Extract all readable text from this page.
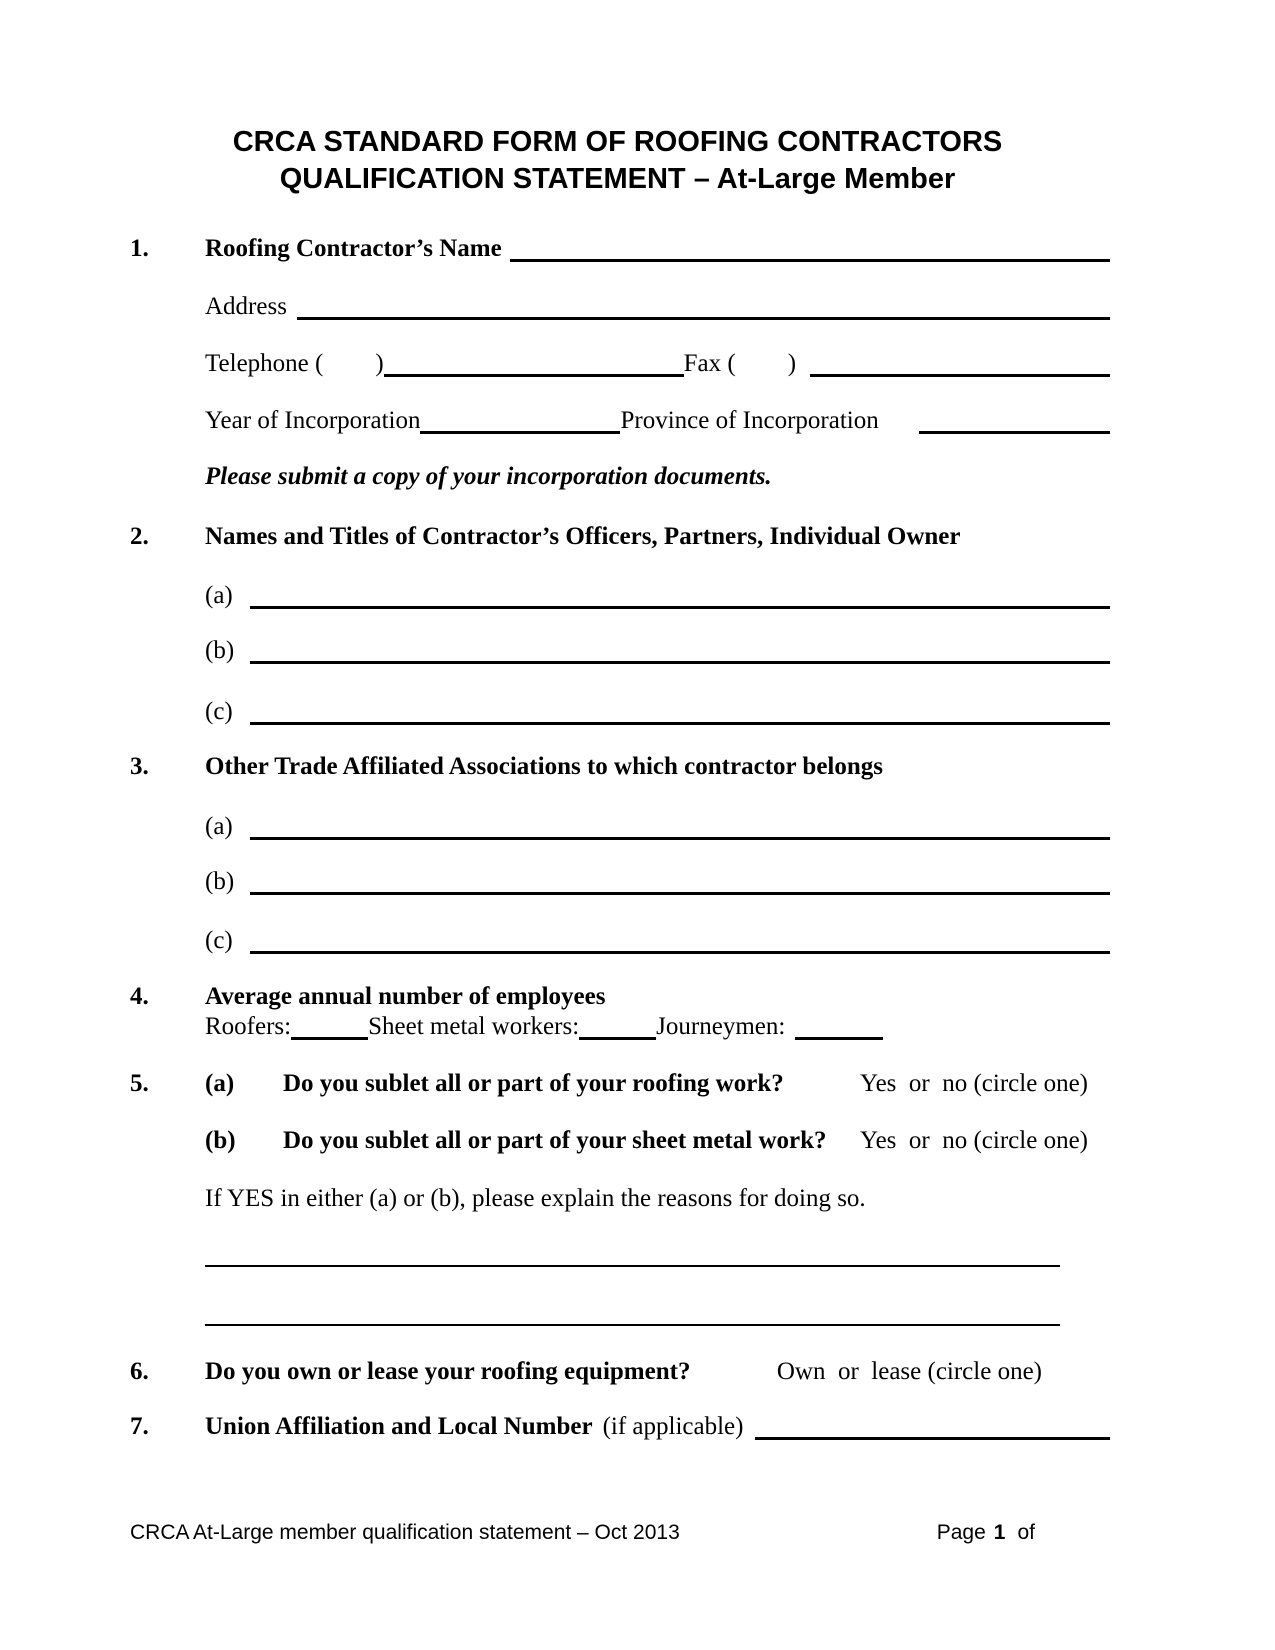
CRCA STANDARD FORM OF ROOFING CONTRACTORS
QUALIFICATION STATEMENT – At-Large Member
1. Roofing Contractor’s Name
Address
Telephone ( )	Fax ( )
Year of Incorporation	Province of Incorporation
Please submit a copy of your incorporation documents.
2. Names and Titles of Contractor’s Officers, Partners, Individual Owner
(a)
(b)
(c)
3. Other Trade Affiliated Associations to which contractor belongs
(a)
(b)
(c)
4. Average annual number of employees
Roofers:	Sheet metal workers:	Journeymen:
5. (a)	Do you sublet all or part of your roofing work?	Yes  or  no (circle one)
(b)	Do you sublet all or part of your sheet metal work? Yes  or  no (circle one)
If YES in either (a) or (b), please explain the reasons for doing so.
6. Do you own or lease your roofing equipment?	Own  or  lease (circle one)
7. Union Affiliation and Local Number (if applicable)
CRCA At-Large member qualification statement – Oct 2013	Page 1 of
